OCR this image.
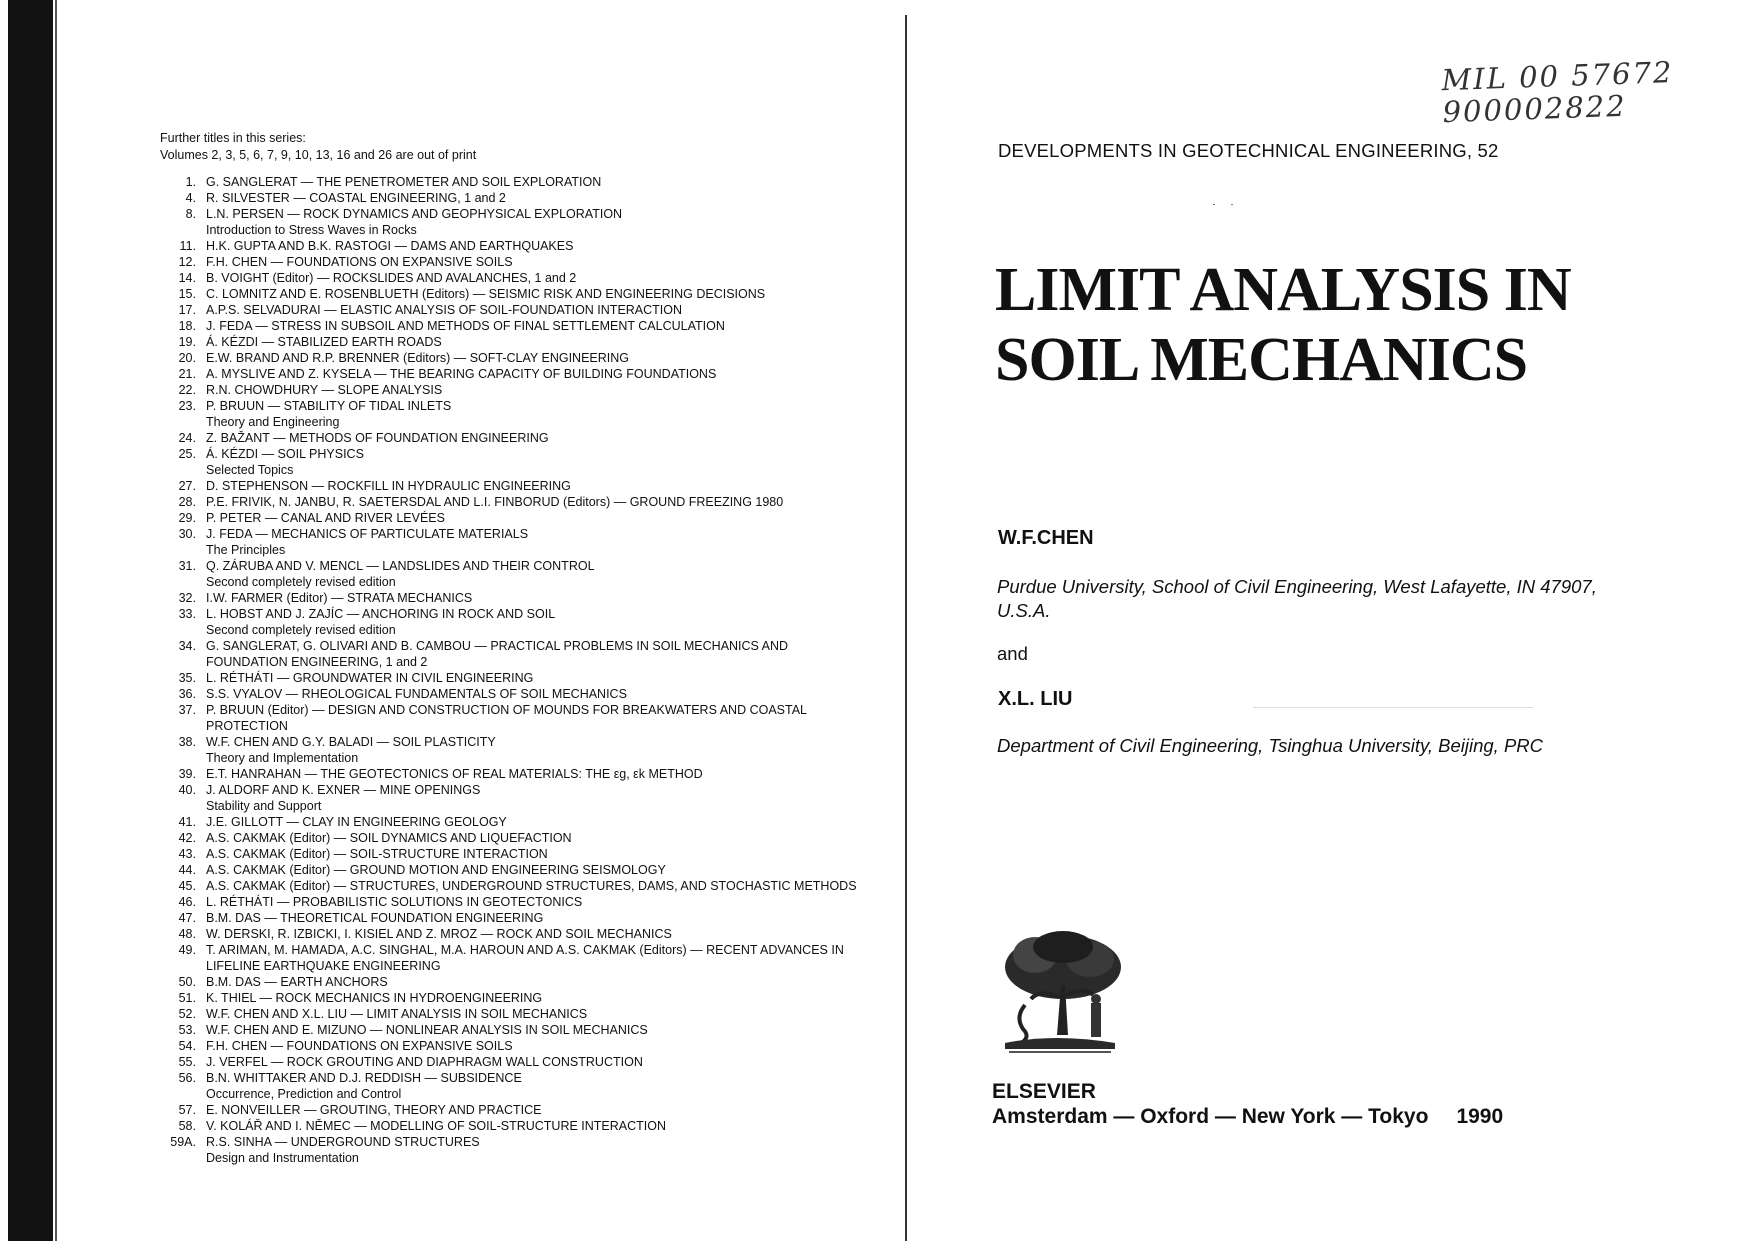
Further titles in this series:
Volumes 2, 3, 5, 6, 7, 9, 10, 13, 16 and 26 are out of print
1. G. SANGLERAT — THE PENETROMETER AND SOIL EXPLORATION
4. R. SILVESTER — COASTAL ENGINEERING, 1 and 2
8. L.N. PERSEN — ROCK DYNAMICS AND GEOPHYSICAL EXPLORATION
Introduction to Stress Waves in Rocks
11. H.K. GUPTA AND B.K. RASTOGI — DAMS AND EARTHQUAKES
12. F.H. CHEN — FOUNDATIONS ON EXPANSIVE SOILS
14. B. VOIGHT (Editor) — ROCKSLIDES AND AVALANCHES, 1 and 2
15. C. LOMNITZ AND E. ROSENBLUETH (Editors) — SEISMIC RISK AND ENGINEERING DECISIONS
17. A.P.S. SELVADURAI — ELASTIC ANALYSIS OF SOIL-FOUNDATION INTERACTION
18. J. FEDA — STRESS IN SUBSOIL AND METHODS OF FINAL SETTLEMENT CALCULATION
19. Á. KÉZDI — STABILIZED EARTH ROADS
20. E.W. BRAND AND R.P. BRENNER (Editors) — SOFT-CLAY ENGINEERING
21. A. MYSLIVE AND Z. KYSELA — THE BEARING CAPACITY OF BUILDING FOUNDATIONS
22. R.N. CHOWDHURY — SLOPE ANALYSIS
23. P. BRUUN — STABILITY OF TIDAL INLETS
Theory and Engineering
24. Z. BAŽANT — METHODS OF FOUNDATION ENGINEERING
25. Á. KÉZDI — SOIL PHYSICS
Selected Topics
27. D. STEPHENSON — ROCKFILL IN HYDRAULIC ENGINEERING
28. P.E. FRIVIK, N. JANBU, R. SAETERSDAL AND L.I. FINBORUD (Editors) — GROUND FREEZING 1980
29. P. PETER — CANAL AND RIVER LEVÉES
30. J. FEDA — MECHANICS OF PARTICULATE MATERIALS
The Principles
31. Q. ZÁRUBA AND V. MENCL — LANDSLIDES AND THEIR CONTROL
Second completely revised edition
32. I.W. FARMER (Editor) — STRATA MECHANICS
33. L. HOBST AND J. ZAJÍC — ANCHORING IN ROCK AND SOIL
Second completely revised edition
34. G. SANGLERAT, G. OLIVARI AND B. CAMBOU — PRACTICAL PROBLEMS IN SOIL MECHANICS AND FOUNDATION ENGINEERING, 1 and 2
35. L. RÉTHÁTI — GROUNDWATER IN CIVIL ENGINEERING
36. S.S. VYALOV — RHEOLOGICAL FUNDAMENTALS OF SOIL MECHANICS
37. P. BRUUN (Editor) — DESIGN AND CONSTRUCTION OF MOUNDS FOR BREAKWATERS AND COASTAL PROTECTION
38. W.F. CHEN AND G.Y. BALADI — SOIL PLASTICITY
Theory and Implementation
39. E.T. HANRAHAN — THE GEOTECTONICS OF REAL MATERIALS: THE εg, εk METHOD
40. J. ALDORF AND K. EXNER — MINE OPENINGS
Stability and Support
41. J.E. GILLOTT — CLAY IN ENGINEERING GEOLOGY
42. A.S. CAKMAK (Editor) — SOIL DYNAMICS AND LIQUEFACTION
43. A.S. CAKMAK (Editor) — SOIL-STRUCTURE INTERACTION
44. A.S. CAKMAK (Editor) — GROUND MOTION AND ENGINEERING SEISMOLOGY
45. A.S. CAKMAK (Editor) — STRUCTURES, UNDERGROUND STRUCTURES, DAMS, AND STOCHASTIC METHODS
46. L. RÉTHÁTI — PROBABILISTIC SOLUTIONS IN GEOTECTONICS
47. B.M. DAS — THEORETICAL FOUNDATION ENGINEERING
48. W. DERSKI, R. IZBICKI, I. KISIEL AND Z. MROZ — ROCK AND SOIL MECHANICS
49. T. ARIMAN, M. HAMADA, A.C. SINGHAL, M.A. HAROUN AND A.S. CAKMAK (Editors) — RECENT ADVANCES IN LIFELINE EARTHQUAKE ENGINEERING
50. B.M. DAS — EARTH ANCHORS
51. K. THIEL — ROCK MECHANICS IN HYDROENGINEERING
52. W.F. CHEN AND X.L. LIU — LIMIT ANALYSIS IN SOIL MECHANICS
53. W.F. CHEN AND E. MIZUNO — NONLINEAR ANALYSIS IN SOIL MECHANICS
54. F.H. CHEN — FOUNDATIONS ON EXPANSIVE SOILS
55. J. VERFEL — ROCK GROUTING AND DIAPHRAGM WALL CONSTRUCTION
56. B.N. WHITTAKER AND D.J. REDDISH — SUBSIDENCE
Occurrence, Prediction and Control
57. E. NONVEILLER — GROUTING, THEORY AND PRACTICE
58. V. KOLÁŘ AND I. NĚMEC — MODELLING OF SOIL-STRUCTURE INTERACTION
59A. R.S. SINHA — UNDERGROUND STRUCTURES
Design and Instrumentation
MIL 00 57672
900002822
DEVELOPMENTS IN GEOTECHNICAL ENGINEERING, 52
LIMIT ANALYSIS IN
SOIL MECHANICS
W.F.CHEN
Purdue University, School of Civil Engineering, West Lafayette, IN 47907, U.S.A.
and
X.L. LIU
Department of Civil Engineering, Tsinghua University, Beijing, PRC
ELSEVIER
Amsterdam — Oxford — New York — Tokyo 1990
